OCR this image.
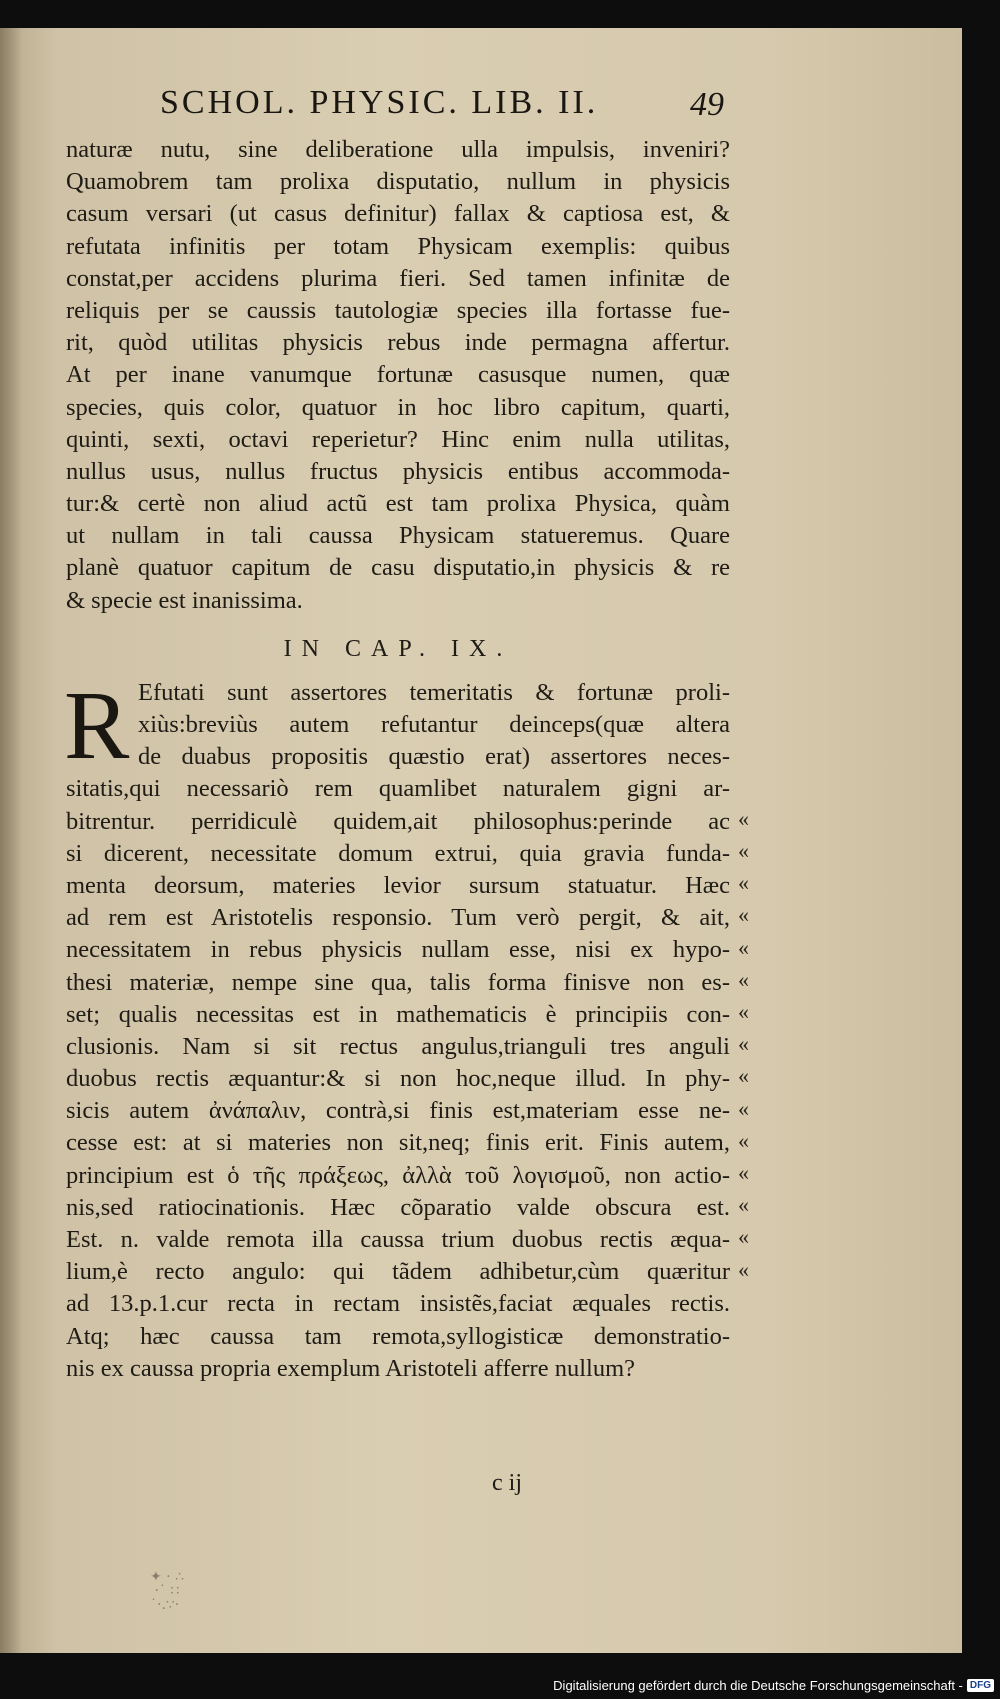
SCHOL. PHYSIC. LIB. II.	49
naturæ nutu, sine deliberatione ulla impulsis, inveniri?
Quamobrem tam prolixa disputatio, nullum in physicis
casum versari (ut casus definitur) fallax & captiosa est, &
refutata infinitis per totam Physicam exemplis: quibus
constat,per accidens plurima fieri. Sed tamen infinitæ de
reliquis per se caussis tautologiæ species illa fortasse fue-
rit, quòd utilitas physicis rebus inde permagna affertur.
At per inane vanumque fortunæ casusque numen, quæ
species, quis color, quatuor in hoc libro capitum, quarti,
quinti, sexti, octavi reperietur? Hinc enim nulla utilitas,
nullus usus, nullus fructus physicis entibus accommoda-
tur:& certè non aliud actũ est tam prolixa Physica, quàm
ut nullam in tali caussa Physicam statueremus. Quare
planè quatuor capitum de casu disputatio,in physicis & re
& specie est inanissima.
IN CAP. IX.
R Efutati sunt assertores temeritatis & fortunæ proli-
xiùs:breviùs autem refutantur deinceps(quæ altera
de duabus propositis quæstio erat) assertores neces-
sitatis,qui necessariò rem quamlibet naturalem gigni ar-
bitrentur. perridiculè quidem,ait philosophus:perinde ac
si dicerent, necessitate domum extrui, quia gravia funda-
menta deorsum, materies levior sursum statuatur. Hæc
ad rem est Aristotelis responsio. Tum verò pergit, & ait,
necessitatem in rebus physicis nullam esse, nisi ex hypo-
thesi materiæ, nempe sine qua, talis forma finisve non es-
set; qualis necessitas est in mathematicis è principiis con-
clusionis. Nam si sit rectus angulus,trianguli tres anguli
duobus rectis æquantur:& si non hoc,neque illud. In phy-
sicis autem ἀνάπαλιν, contrà,si finis est,materiam esse ne-
cesse est: at si materies non sit,neq; finis erit. Finis autem,
principium est ὁ τῆς πράξεως, ἀλλὰ τοῦ λογισμοῦ, non actio-
nis,sed ratiocinationis. Hæc cõparatio valde obscura est.
Est. n. valde remota illa caussa trium duobus rectis æqua-
lium,è recto angulo: qui tãdem adhibetur,cùm quæritur
ad 13.p.1.cur recta in rectam insistẽs,faciat æquales rectis.
Atq; hæc caussa tam remota,syllogisticæ demonstratio-
nis ex caussa propria exemplum Aristoteli afferre nullum?
«
«
«
«
«
«
«
«
«
«
«
«
«
«
«
c ij
✦ · ∴
·˙ ∷
˙·.∵·
Digitalisierung gefördert durch die Deutsche Forschungsgemeinschaft - DFG
